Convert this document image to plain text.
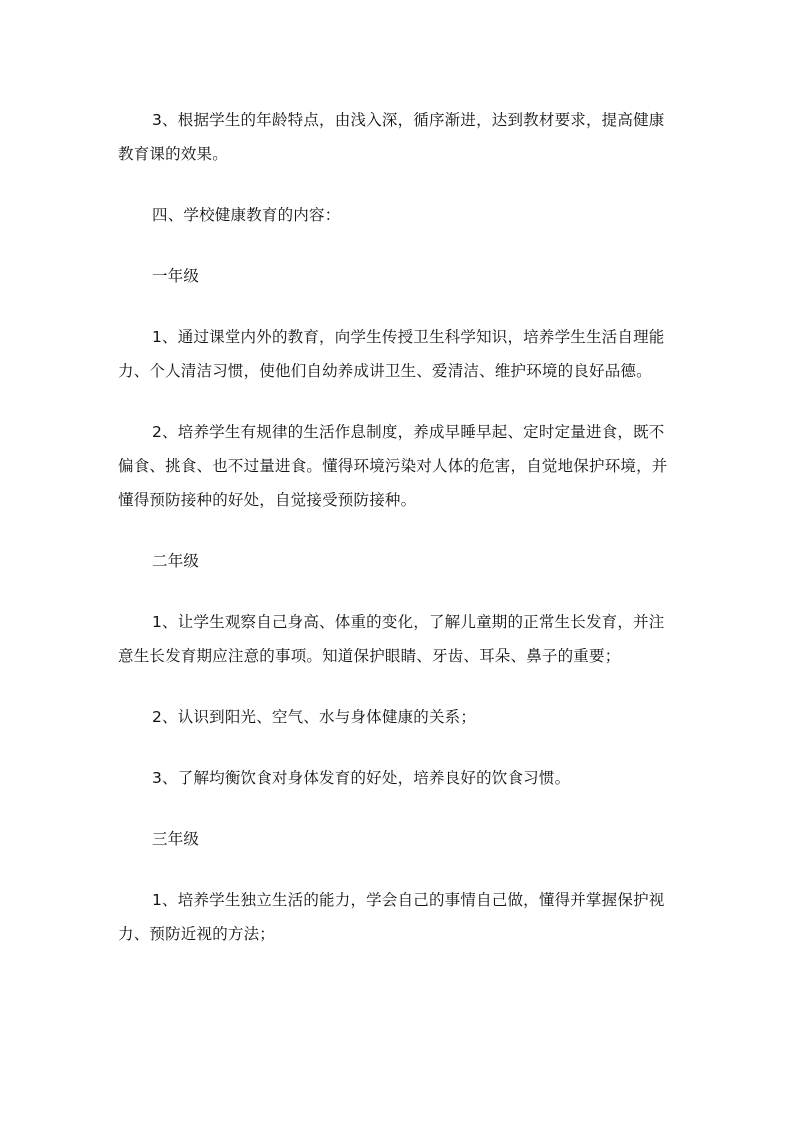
3、根据学生的年龄特点，由浅入深，循序渐进，达到教材要求，提高健康
教育课的效果。

四、学校健康教育的内容：

一年级

1、通过课堂内外的教育，向学生传授卫生科学知识，培养学生生活自理能
力、个人清洁习惯，使他们自幼养成讲卫生、爱清洁、维护环境的良好品德。

2、培养学生有规律的生活作息制度，养成早睡早起、定时定量进食，既不
偏食、挑食、也不过量进食。懂得环境污染对人体的危害，自觉地保护环境，并
懂得预防接种的好处，自觉接受预防接种。

二年级

1、让学生观察自己身高、体重的变化，了解儿童期的正常生长发育，并注
意生长发育期应注意的事项。知道保护眼睛、牙齿、耳朵、鼻子的重要；

2、认识到阳光、空气、水与身体健康的关系；

3、了解均衡饮食对身体发育的好处，培养良好的饮食习惯。

三年级

1、培养学生独立生活的能力，学会自己的事情自己做，懂得并掌握保护视
力、预防近视的方法；
